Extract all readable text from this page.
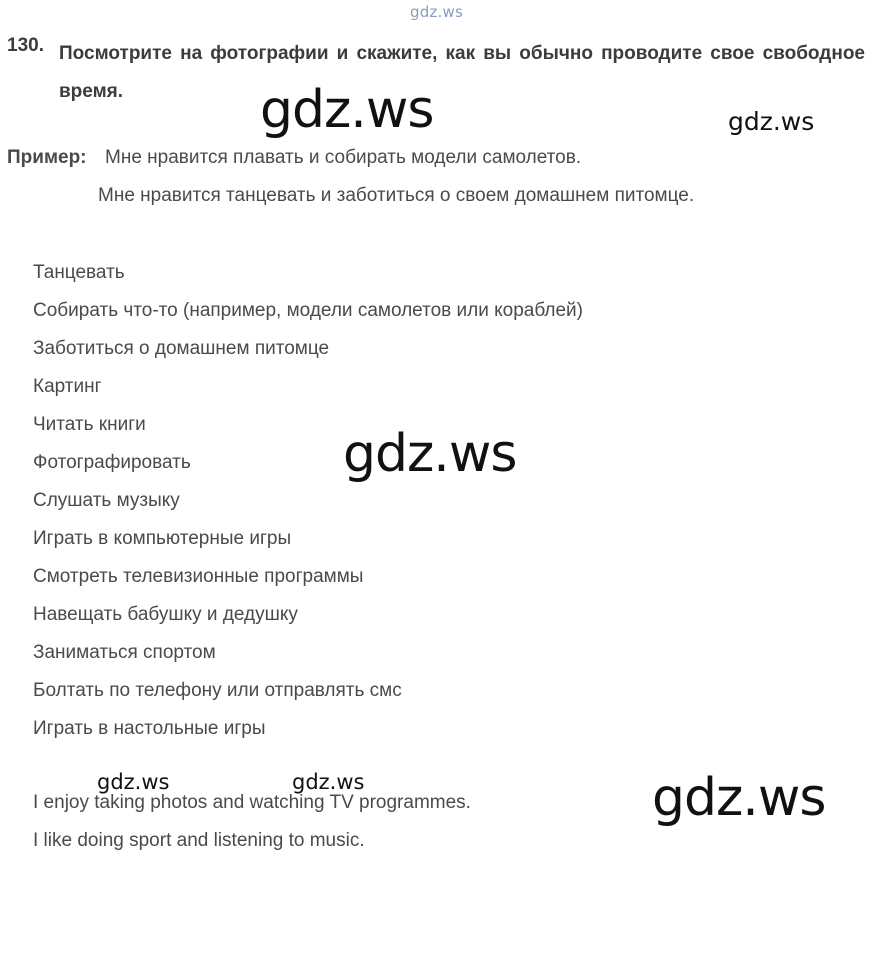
gdz.ws
130. Посмотрите на фотографии и скажите, как вы обычно проводите свое свободное время.	gdz.ws	gdz.ws
Пример: Мне нравится плавать и собирать модели самолетов.
Мне нравится танцевать и заботиться о своем домашнем питомце.
Танцевать
Собирать что-то (например, модели самолетов или кораблей)
Заботиться о домашнем питомце
Картинг
Читать книги
Фотографировать
Слушать музыку
Играть в компьютерные игры
Смотреть телевизионные программы
Навещать бабушку и дедушку
Заниматься спортом
Болтать по телефону или отправлять смс
Играть в настольные игры
gdz.ws
I enjoy taking photos and watching TV programmes.
I like doing sport and listening to music.
gdz.ws	gdz.ws	gdz.ws
